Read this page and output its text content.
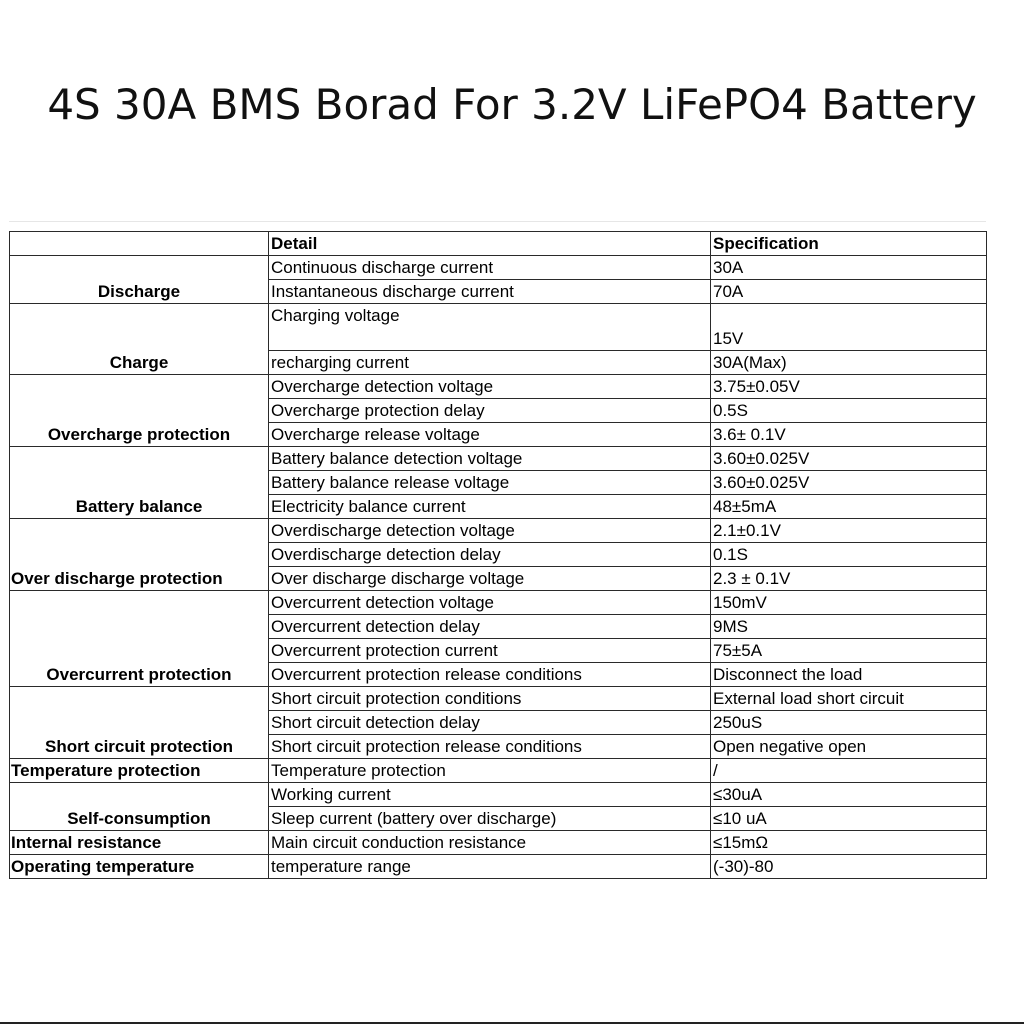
4S 30A BMS Borad For 3.2V LiFePO4 Battery
	Detail	Specification
Discharge	Continuous discharge current	30A
	Instantaneous discharge current	70A
Charge	Charging voltage	15V
	recharging current	30A(Max)
Overcharge protection	Overcharge detection voltage	3.75±0.05V
	Overcharge protection delay	0.5S
	Overcharge release voltage	3.6± 0.1V
Battery balance	Battery balance detection voltage	3.60±0.025V
	Battery balance release voltage	3.60±0.025V
	Electricity balance current	48±5mA
Over discharge protection	Overdischarge detection voltage	2.1±0.1V
	Overdischarge detection delay	0.1S
	Over discharge discharge voltage	2.3 ± 0.1V
Overcurrent protection	Overcurrent detection voltage	150mV
	Overcurrent detection delay	9MS
	Overcurrent protection current	75±5A
	Overcurrent protection release conditions	Disconnect the load
Short circuit protection	Short circuit protection conditions	External load short circuit
	Short circuit detection delay	250uS
	Short circuit protection release conditions	Open negative open
Temperature protection	Temperature protection	/
Self-consumption	Working current	≤30uA
	Sleep current (battery over discharge)	≤10 uA
Internal resistance	Main circuit conduction resistance	≤15mΩ
Operating temperature	temperature range	(-30)-80
